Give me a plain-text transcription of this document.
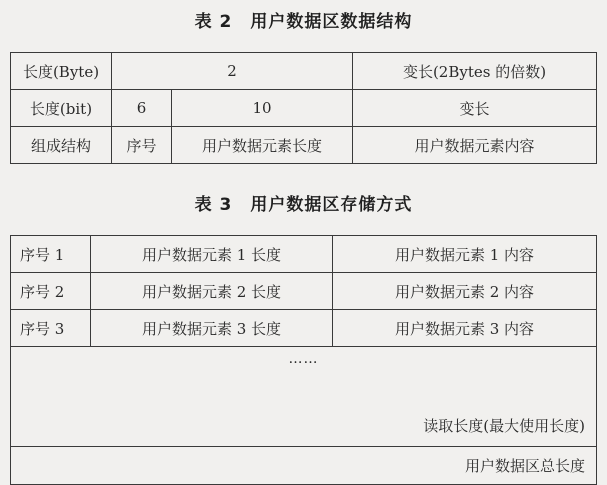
表 2　用户数据区数据结构
长度(Byte)	2		变长(2Bytes 的倍数)
长度(bit)	6	10	变长
组成结构	序号	用户数据元素长度	用户数据元素内容
表 3　用户数据区存储方式
序号 1	用户数据元素 1 长度	用户数据元素 1 内容
序号 2	用户数据元素 2 长度	用户数据元素 2 内容
序号 3	用户数据元素 3 长度	用户数据元素 3 内容

……
读取长度(最大使用长度)		

用户数据区总长度		
